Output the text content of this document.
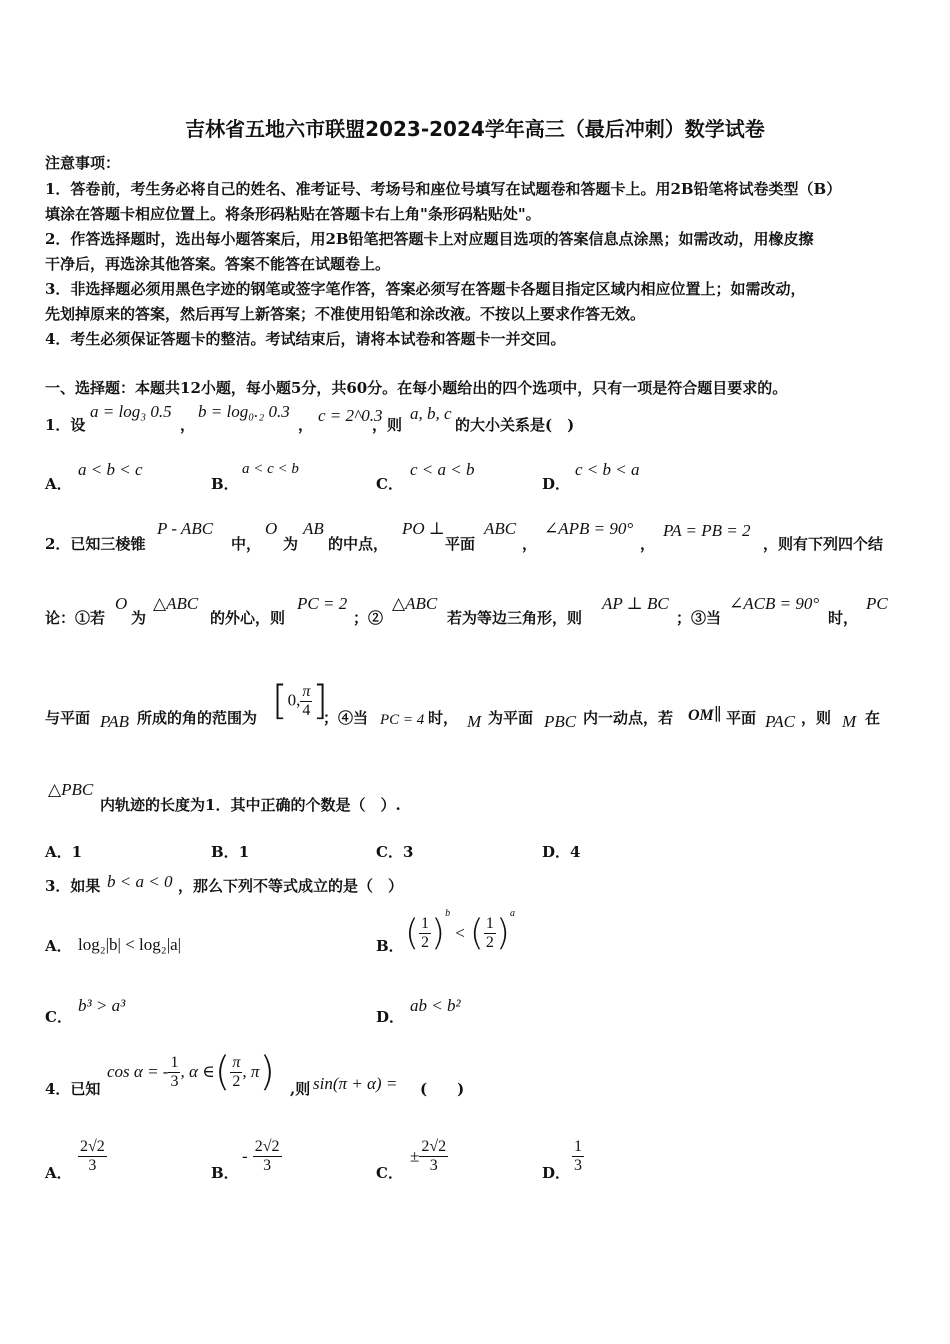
吉林省五地六市联盟2023-2024学年高三（最后冲刺）数学试卷
注意事项：
1．答卷前，考生务必将自己的姓名、准考证号、考场号和座位号填写在试题卷和答题卡上。用2B铅笔将试卷类型（B）
填涂在答题卡相应位置上。将条形码粘贴在答题卡右上角"条形码粘贴处"。
2．作答选择题时，选出每小题答案后，用2B铅笔把答题卡上对应题目选项的答案信息点涂黑；如需改动，用橡皮擦
干净后，再选涂其他答案。答案不能答在试题卷上。
3．非选择题必须用黑色字迹的钢笔或签字笔作答，答案必须写在答题卡各题目指定区域内相应位置上；如需改动，
先划掉原来的答案，然后再写上新答案；不准使用铅笔和涂改液。不按以上要求作答无效。
4．考生必须保证答题卡的整洁。考试结束后，请将本试卷和答题卡一并交回。
一、选择题：本题共12小题，每小题5分，共60分。在每小题给出的四个选项中，只有一项是符合题目要求的。
1．设
a = log₃ 0.5
，
b = log₀.₂ 0.3
， c = 2^0.3
，则
a, b, c
的大小关系是(　)
A．
a < b < c
B．
a < c < b
C．
c < a < b
D．
c < b < a
2．已知三棱锥
P - ABC
中，
O
为
AB
的中点，
PO ⊥
平面
ABC
，
∠APB = 90°
，
PA = PB = 2
，则有下列四个结
论：①若
O
为
△ABC
的外心，则
PC = 2
；②
△ABC
若为等边三角形，则
AP ⊥ BC
；③当
∠ACB = 90°
时，
PC
与平面 PAB 所成的角的范围为 [0, $\frac{\pi}{4}$ ]
；④当 PC = 4 时， M 为平面 PBC 内一动点，若 OM ∥ 平面 PAC ，则 M 在
△PBC
内轨迹的长度为1．其中正确的个数是（　）.
A．1	B．1	C．3	D．4
3．如果 b < a < 0 ，那么下列不等式成立的是（　）
A． log₂|b| < log₂|a|	B． ( $\frac{1}{2} )^b$ < ( $\frac{1}{2} )^a$
C．
b³ > a³
D．
ab < b²
4．已知
cos α = - $\frac{1}{3}$ , α ∈( $\frac{\pi}{2}$ , π) ,则 sin(π + α) = (　　)
A． $\frac{2√2}{3}$	B．
- $\frac{2√2}{3}$	C．
± $\frac{2√2}{3}$	D． $\frac{1}{3}$
